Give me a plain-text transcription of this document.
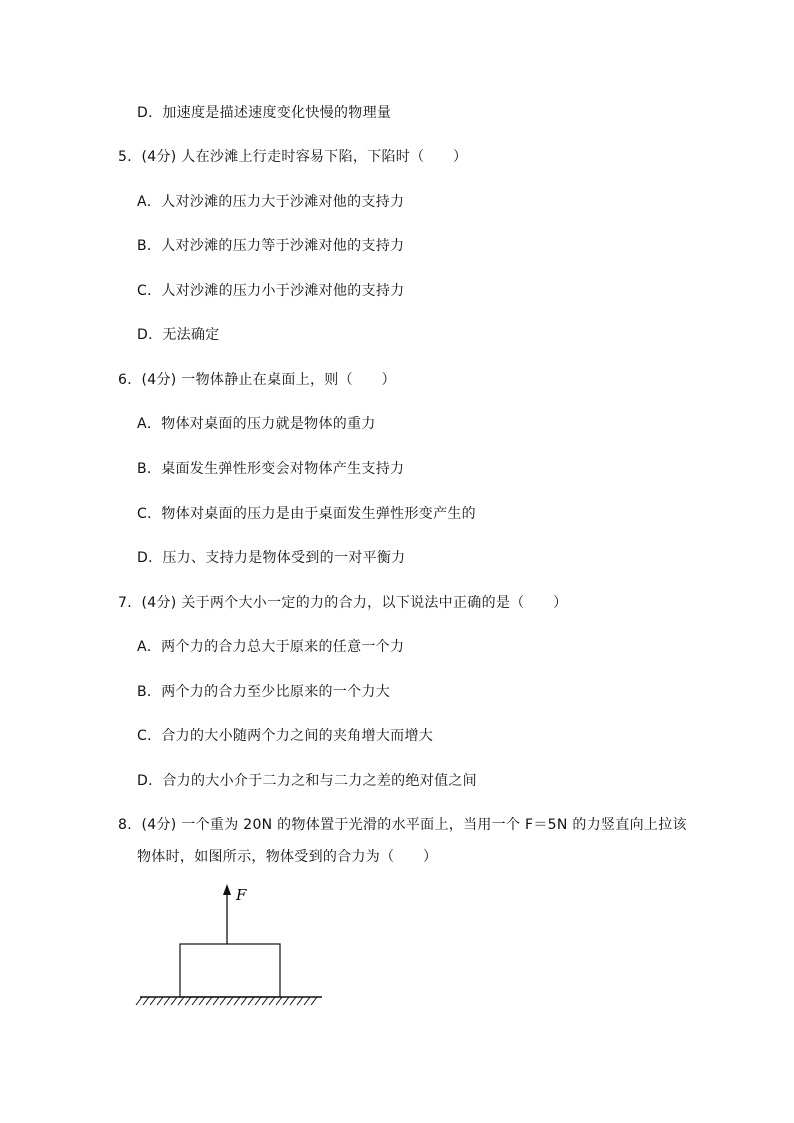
D．加速度是描述速度变化快慢的物理量
5．(4分) 人在沙滩上行走时容易下陷，下陷时（　　）
A．人对沙滩的压力大于沙滩对他的支持力
B．人对沙滩的压力等于沙滩对他的支持力
C．人对沙滩的压力小于沙滩对他的支持力
D．无法确定
6．(4分) 一物体静止在桌面上，则（　　）
A．物体对桌面的压力就是物体的重力
B．桌面发生弹性形变会对物体产生支持力
C．物体对桌面的压力是由于桌面发生弹性形变产生的
D．压力、支持力是物体受到的一对平衡力
7．(4分) 关于两个大小一定的力的合力，以下说法中正确的是（　　）
A．两个力的合力总大于原来的任意一个力
B．两个力的合力至少比原来的一个力大
C．合力的大小随两个力之间的夹角增大而增大
D．合力的大小介于二力之和与二力之差的绝对值之间
8．(4分) 一个重为 20N 的物体置于光滑的水平面上，当用一个 F＝5N 的力竖直向上拉该
物体时，如图所示，物体受到的合力为（　　）
F
